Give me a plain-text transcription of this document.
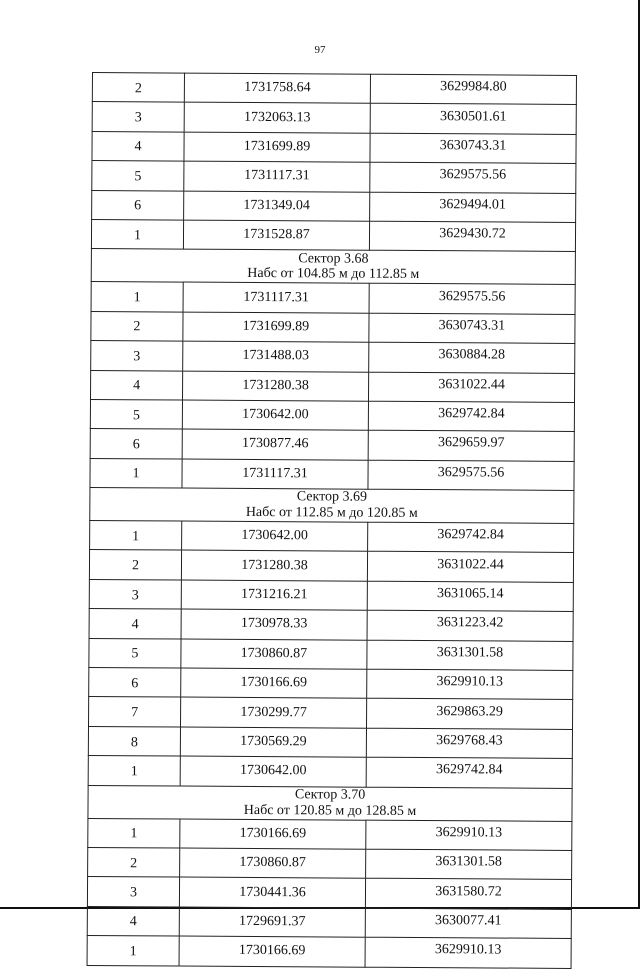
97
2	1731758.64	3629984.80
3	1732063.13	3630501.61
4	1731699.89	3630743.31
5	1731117.31	3629575.56
6	1731349.04	3629494.01
1	1731528.87	3629430.72

Сектор 3.68
Набс от 104.85 м до 112.85 м		

1	1731117.31	3629575.56
2	1731699.89	3630743.31
3	1731488.03	3630884.28
4	1731280.38	3631022.44
5	1730642.00	3629742.84
6	1730877.46	3629659.97
1	1731117.31	3629575.56

Сектор 3.69
Набс от 112.85 м до 120.85 м		

1	1730642.00	3629742.84
2	1731280.38	3631022.44
3	1731216.21	3631065.14
4	1730978.33	3631223.42
5	1730860.87	3631301.58
6	1730166.69	3629910.13
7	1730299.77	3629863.29
8	1730569.29	3629768.43
1	1730642.00	3629742.84

Сектор 3.70
Набс от 120.85 м до 128.85 м		

1	1730166.69	3629910.13
2	1730860.87	3631301.58
3	1730441.36	3631580.72
4	1729691.37	3630077.41
1	1730166.69	3629910.13
